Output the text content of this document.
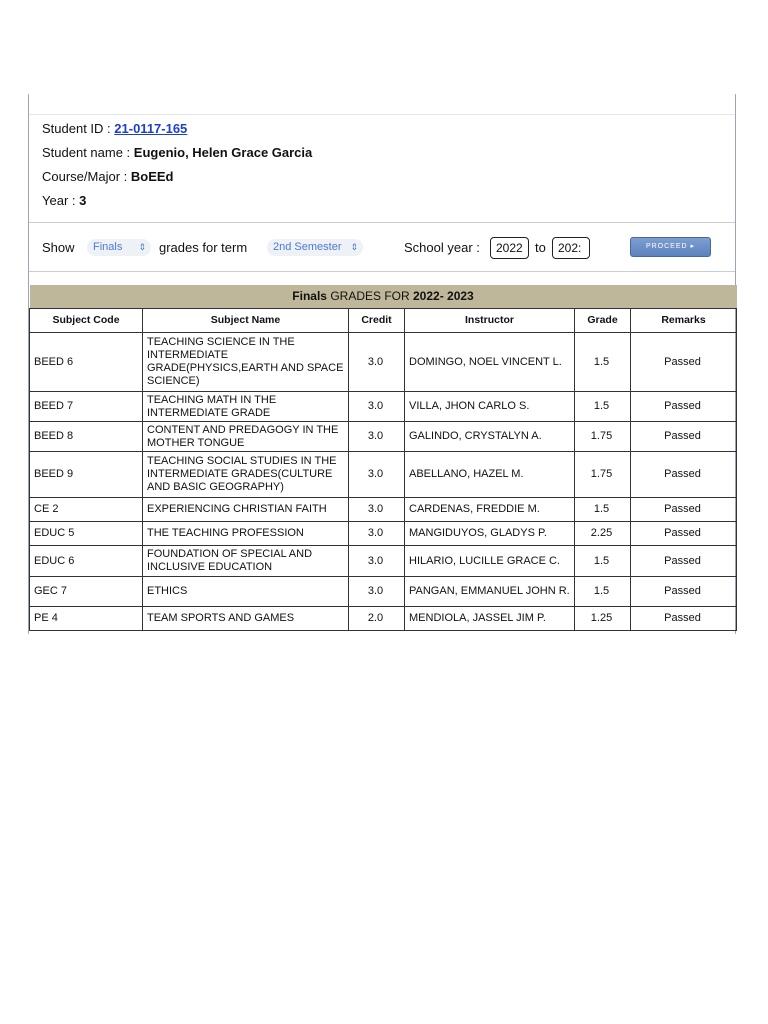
Student ID : 21-0117-165
Student name : Eugenio, Helen Grace Garcia
Course/Major : BoEEd
Year : 3
Show	Finals ⇕ grades for term	2nd Semester ⇕	School year :	2022 to	202:	PROCEED ▸
Finals GRADES FOR 2022- 2023					
Subject Code	Subject Name	Credit	Instructor	Grade	Remarks
BEED 6	TEACHING SCIENCE IN THE INTERMEDIATE GRADE(PHYSICS,EARTH AND SPACE SCIENCE)	3.0	DOMINGO, NOEL VINCENT L.	1.5	Passed
BEED 7	TEACHING MATH IN THE INTERMEDIATE GRADE	3.0	VILLA, JHON CARLO S.	1.5	Passed
BEED 8	CONTENT AND PREDAGOGY IN THE MOTHER TONGUE	3.0	GALINDO, CRYSTALYN A.	1.75	Passed
BEED 9	TEACHING SOCIAL STUDIES IN THE INTERMEDIATE GRADES(CULTURE AND BASIC GEOGRAPHY)	3.0	ABELLANO, HAZEL M.	1.75	Passed
CE 2	EXPERIENCING CHRISTIAN FAITH	3.0	CARDENAS, FREDDIE M.	1.5	Passed
EDUC 5	THE TEACHING PROFESSION	3.0	MANGIDUYOS, GLADYS P.	2.25	Passed
EDUC 6	FOUNDATION OF SPECIAL AND INCLUSIVE EDUCATION	3.0	HILARIO, LUCILLE GRACE C.	1.5	Passed
GEC 7	ETHICS	3.0	PANGAN, EMMANUEL JOHN R.	1.5	Passed
PE 4	TEAM SPORTS AND GAMES	2.0	MENDIOLA, JASSEL JIM P.	1.25	Passed
